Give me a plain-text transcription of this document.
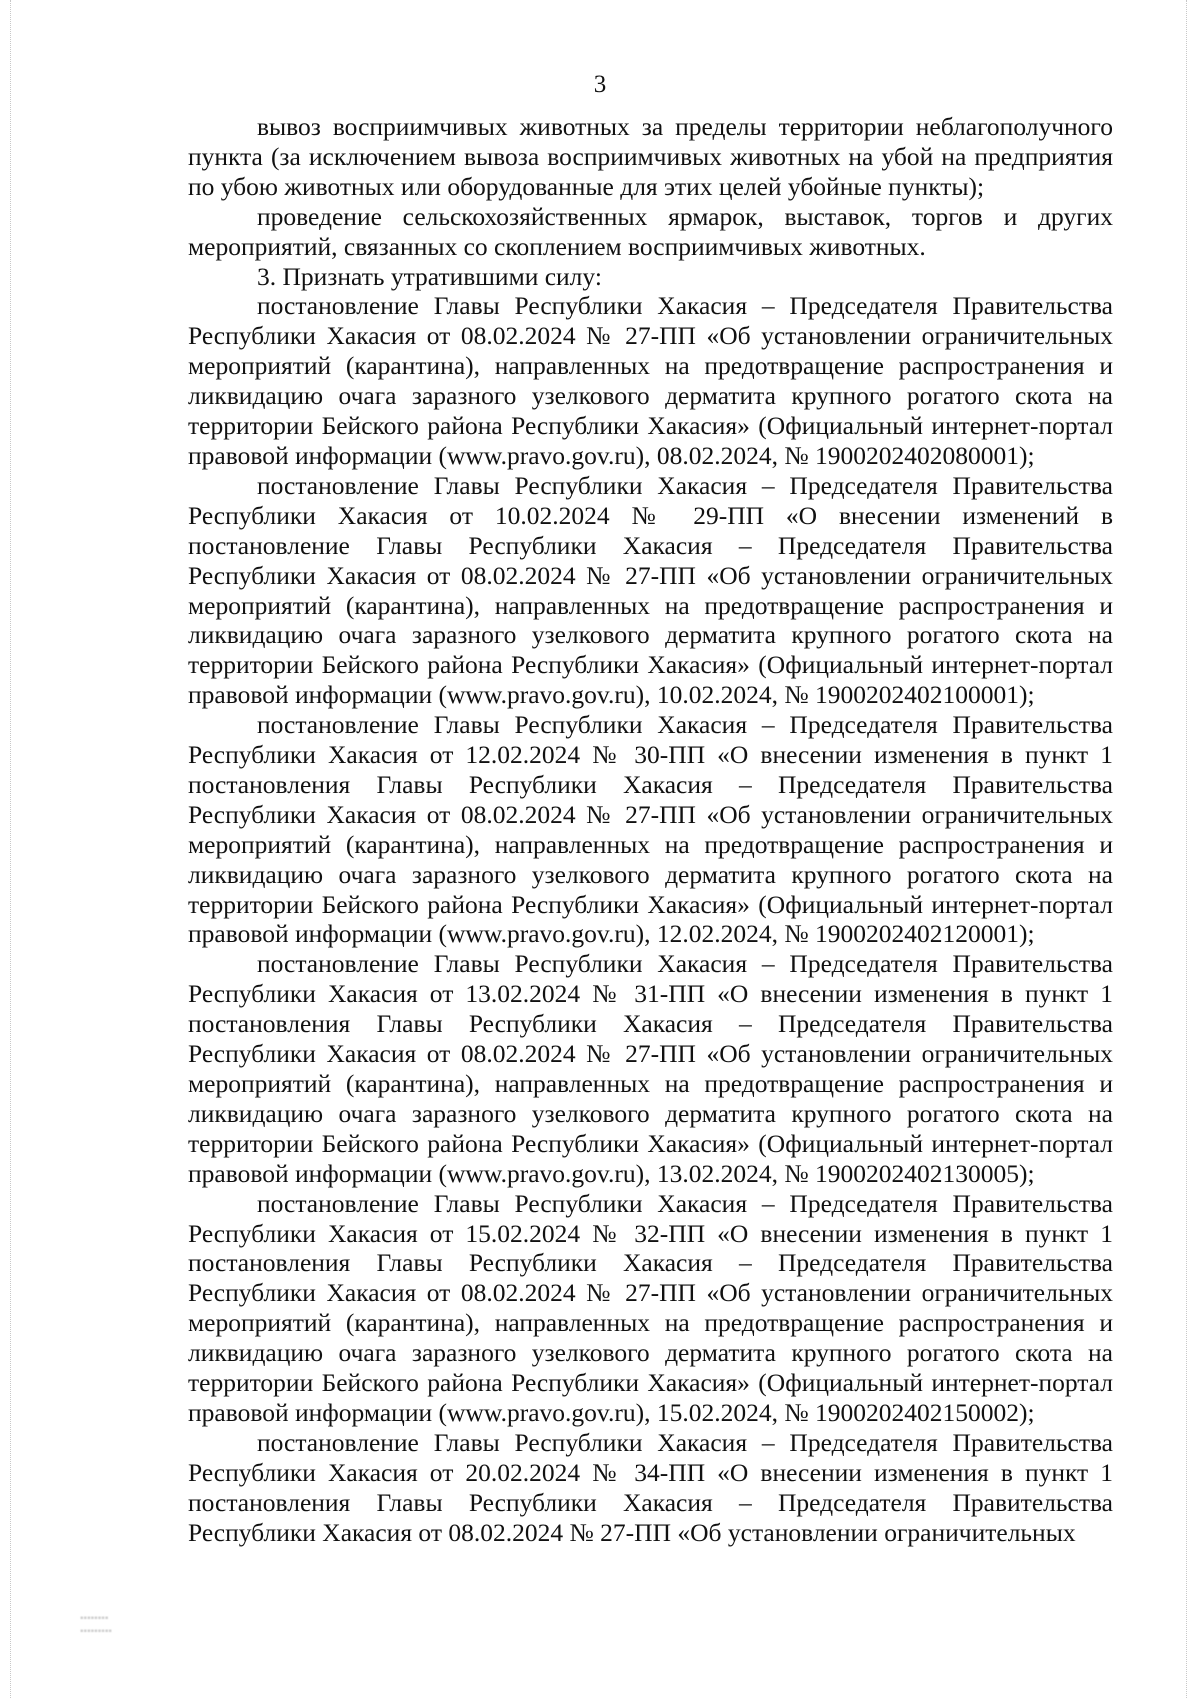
3

вывоз восприимчивых животных за пределы территории неблагополучного пункта (за исключением вывоза восприимчивых животных на убой на предприятия по убою животных или оборудованные для этих целей убойные пункты);

проведение сельскохозяйственных ярмарок, выставок, торгов и других мероприятий, связанных со скоплением восприимчивых животных.

3. Признать утратившими силу:

постановление Главы Республики Хакасия – Председателя Правительства Республики Хакасия от 08.02.2024 № 27-ПП «Об установлении ограничительных мероприятий (карантина), направленных на предотвращение распространения и ликвидацию очага заразного узелкового дерматита крупного рогатого скота на территории Бейского района Республики Хакасия» (Официальный интернет-портал правовой информации (www.pravo.gov.ru), 08.02.2024, № 1900202402080001);

постановление Главы Республики Хакасия – Председателя Правительства Республики Хакасия от 10.02.2024 № 29-ПП «О внесении изменений в постановление Главы Республики Хакасия – Председателя Правительства Республики Хакасия от 08.02.2024 № 27-ПП «Об установлении ограничительных мероприятий (карантина), направленных на предотвращение распространения и ликвидацию очага заразного узелкового дерматита крупного рогатого скота на территории Бейского района Республики Хакасия» (Официальный интернет-портал правовой информации (www.pravo.gov.ru), 10.02.2024, № 1900202402100001);

постановление Главы Республики Хакасия – Председателя Правительства Республики Хакасия от 12.02.2024 № 30-ПП «О внесении изменения в пункт 1 постановления Главы Республики Хакасия – Председателя Правительства Республики Хакасия от 08.02.2024 № 27-ПП «Об установлении ограничительных мероприятий (карантина), направленных на предотвращение распространения и ликвидацию очага заразного узелкового дерматита крупного рогатого скота на территории Бейского района Республики Хакасия» (Официальный интернет-портал правовой информации (www.pravo.gov.ru), 12.02.2024, № 1900202402120001);

постановление Главы Республики Хакасия – Председателя Правительства Республики Хакасия от 13.02.2024 № 31-ПП «О внесении изменения в пункт 1 постановления Главы Республики Хакасия – Председателя Правительства Республики Хакасия от 08.02.2024 № 27-ПП «Об установлении ограничительных мероприятий (карантина), направленных на предотвращение распространения и ликвидацию очага заразного узелкового дерматита крупного рогатого скота на территории Бейского района Республики Хакасия» (Официальный интернет-портал правовой информации (www.pravo.gov.ru), 13.02.2024, № 1900202402130005);

постановление Главы Республики Хакасия – Председателя Правительства Республики Хакасия от 15.02.2024 № 32-ПП «О внесении изменения в пункт 1 постановления Главы Республики Хакасия – Председателя Правительства Республики Хакасия от 08.02.2024 № 27-ПП «Об установлении ограничительных мероприятий (карантина), направленных на предотвращение распространения и ликвидацию очага заразного узелкового дерматита крупного рогатого скота на территории Бейского района Республики Хакасия» (Официальный интернет-портал правовой информации (www.pravo.gov.ru), 15.02.2024, № 1900202402150002);

постановление Главы Республики Хакасия – Председателя Правительства Республики Хакасия от 20.02.2024 № 34-ПП «О внесении изменения в пункт 1 постановления Главы Республики Хакасия – Председателя Правительства Республики Хакасия от 08.02.2024 № 27-ПП «Об установлении ограничительных

▪▪▪▪▪▪▪▪
▪▪▪▪▪▪▪▪▪
